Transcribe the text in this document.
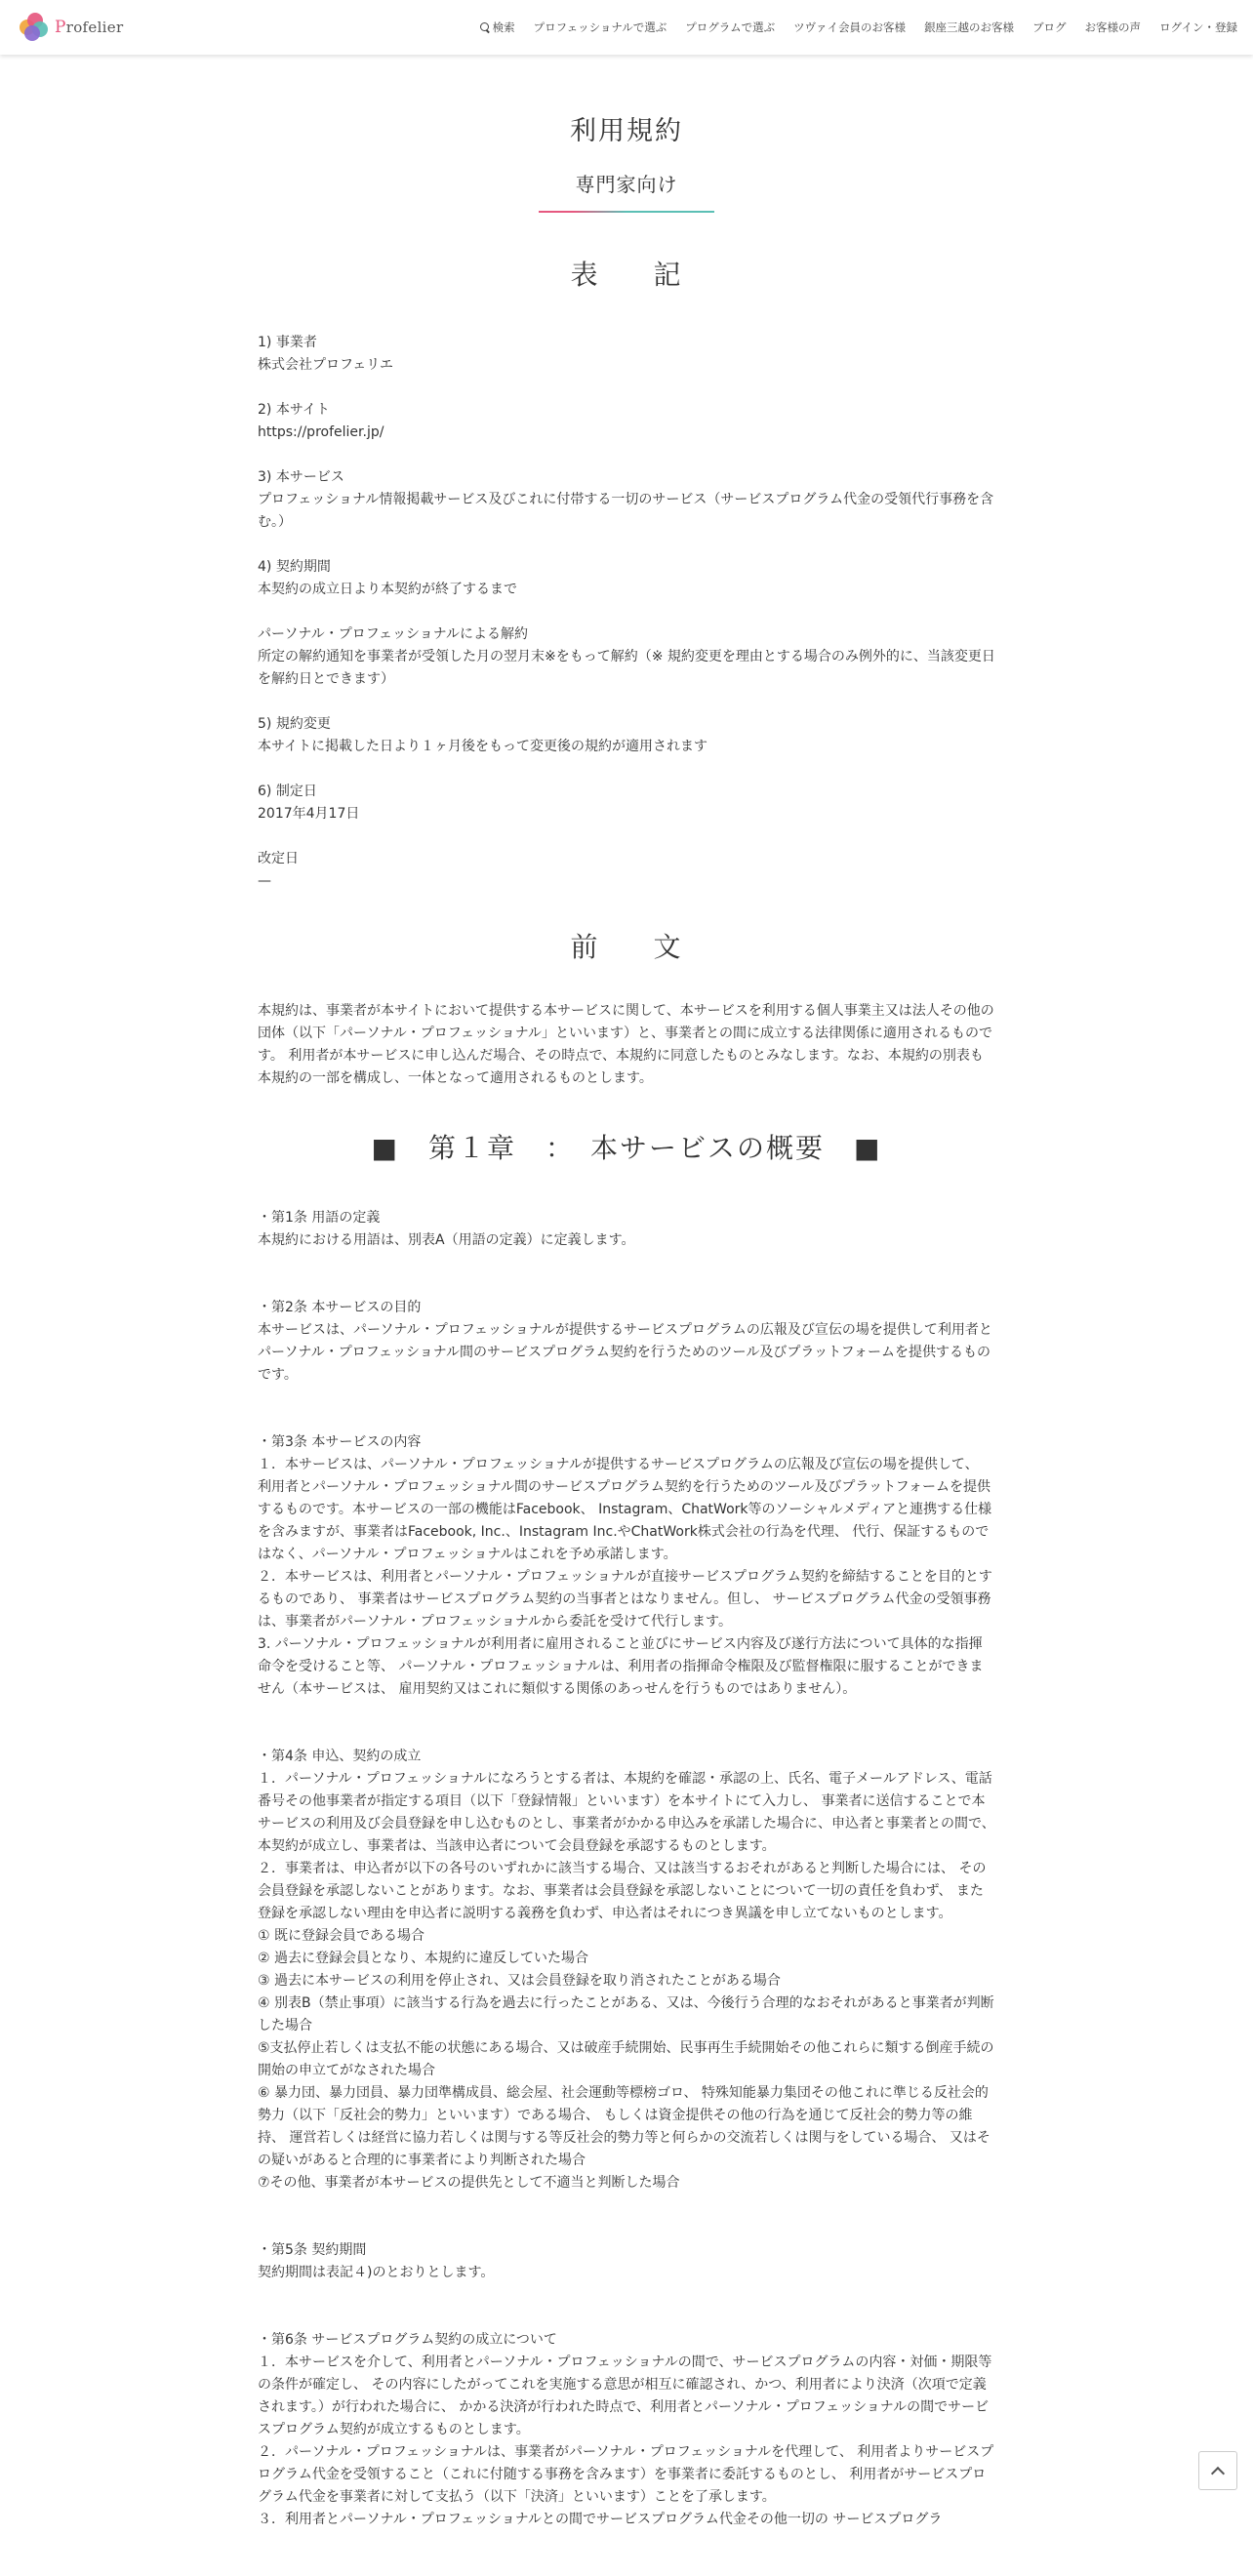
Profelier	検索 プロフェッショナルで選ぶ プログラムで選ぶ ツヴァイ会員のお客様 銀座三越のお客様 ブログ お客様の声 ログイン・登録
利用規約
専門家向け
表 記

1) 事業者

株式会社プロフェリエ

2) 本サイト

https://profelier.jp/

3) 本サービス

プロフェッショナル情報掲載サービス及びこれに付帯する一切のサービス（サービスプログラム代金の受領代行事務を含む。）

4) 契約期間

本契約の成立日より本契約が終了するまで

パーソナル・プロフェッショナルによる解約

所定の解約通知を事業者が受領した月の翌月末※をもって解約（※ 規約変更を理由とする場合のみ例外的に、当該変更日を解約日とできます）

5) 規約変更

本サイトに掲載した日より１ヶ月後をもって変更後の規約が適用されます

6) 制定日

2017年4月17日

改定日

—

前 文

本規約は、事業者が本サイトにおいて提供する本サービスに関して、本サービスを利用する個人事業主又は法人その他の団体（以下「パーソナル・プロフェッショナル」といいます）と、事業者との間に成立する法律関係に適用されるものです。 利用者が本サービスに申し込んだ場合、その時点で、本規約に同意したものとみなします。なお、本規約の別表も本規約の一部を構成し、一体となって適用されるものとします。

■　第１章　：　本サービスの概要　■

・第1条 用語の定義

本規約における用語は、別表A（用語の定義）に定義します。

・第2条 本サービスの目的

本サービスは、パーソナル・プロフェッショナルが提供するサービスプログラムの広報及び宣伝の場を提供して利用者とパーソナル・プロフェッショナル間のサービスプログラム契約を行うためのツール及びプラットフォームを提供するものです。

・第3条 本サービスの内容

１．本サービスは、パーソナル・プロフェッショナルが提供するサービスプログラムの広報及び宣伝の場を提供して、 利用者とパーソナル・プロフェッショナル間のサービスプログラム契約を行うためのツール及びプラットフォームを提供するものです。本サービスの一部の機能はFacebook、 Instagram、ChatWork等のソーシャルメディアと連携する仕様を含みますが、事業者はFacebook, Inc.、Instagram Inc.やChatWork株式会社の行為を代理、 代行、保証するものではなく、パーソナル・プロフェッショナルはこれを予め承諾します。
２．本サービスは、利用者とパーソナル・プロフェッショナルが直接サービスプログラム契約を締結することを目的とするものであり、 事業者はサービスプログラム契約の当事者とはなりません。但し、 サービスプログラム代金の受領事務は、事業者がパーソナル・プロフェッショナルから委託を受けて代行します。
3. パーソナル・プロフェッショナルが利用者に雇用されること並びにサービス内容及び遂行方法について具体的な指揮命令を受けること等、 パーソナル・プロフェッショナルは、利用者の指揮命令権限及び監督権限に服することができません（本サービスは、 雇用契約又はこれに類似する関係のあっせんを行うものではありません）。

・第4条 申込、契約の成立

１．パーソナル・プロフェッショナルになろうとする者は、本規約を確認・承認の上、氏名、電子メールアドレス、電話番号その他事業者が指定する項目（以下「登録情報」といいます）を本サイトにて入力し、 事業者に送信することで本サービスの利用及び会員登録を申し込むものとし、事業者がかかる申込みを承諾した場合に、申込者と事業者との間で、 本契約が成立し、事業者は、当該申込者について会員登録を承認するものとします。
２．事業者は、申込者が以下の各号のいずれかに該当する場合、又は該当するおそれがあると判断した場合には、 その会員登録を承認しないことがあります。なお、事業者は会員登録を承認しないことについて一切の責任を負わず、 また登録を承認しない理由を申込者に説明する義務を負わず、申込者はそれにつき異議を申し立てないものとします。
① 既に登録会員である場合
② 過去に登録会員となり、本規約に違反していた場合
③ 過去に本サービスの利用を停止され、又は会員登録を取り消されたことがある場合
④ 別表B（禁止事項）に該当する行為を過去に行ったことがある、又は、今後行う合理的なおそれがあると事業者が判断した場合
⑤支払停止若しくは支払不能の状態にある場合、又は破産手続開始、民事再生手続開始その他これらに類する倒産手続の開始の申立てがなされた場合
⑥ 暴力団、暴力団員、暴力団準構成員、総会屋、社会運動等標榜ゴロ、 特殊知能暴力集団その他これに準じる反社会的勢力（以下「反社会的勢力」といいます）である場合、 もしくは資金提供その他の行為を通じて反社会的勢力等の維持、 運営若しくは経営に協力若しくは関与する等反社会的勢力等と何らかの交流若しくは関与をしている場合、 又はその疑いがあると合理的に事業者により判断された場合
⑦その他、事業者が本サービスの提供先として不適当と判断した場合

・第5条 契約期間

契約期間は表記４)のとおりとします。

・第6条 サービスプログラム契約の成立について

１．本サービスを介して、利用者とパーソナル・プロフェッショナルの間で、サービスプログラムの内容・対価・期限等の条件が確定し、 その内容にしたがってこれを実施する意思が相互に確認され、かつ、利用者により決済（次項で定義されます。）が行われた場合に、 かかる決済が行われた時点で、利用者とパーソナル・プロフェッショナルの間でサービスプログラム契約が成立するものとします。
２．パーソナル・プロフェッショナルは、事業者がパーソナル・プロフェッショナルを代理して、 利用者よりサービスプログラム代金を受領すること（これに付随する事務を含みます）を事業者に委託するものとし、 利用者がサービスプログラム代金を事業者に対して支払う（以下「決済」といいます）ことを了承します。
３．利用者とパーソナル・プロフェッショナルとの間でサービスプログラム代金その他一切の サービスプログラ
